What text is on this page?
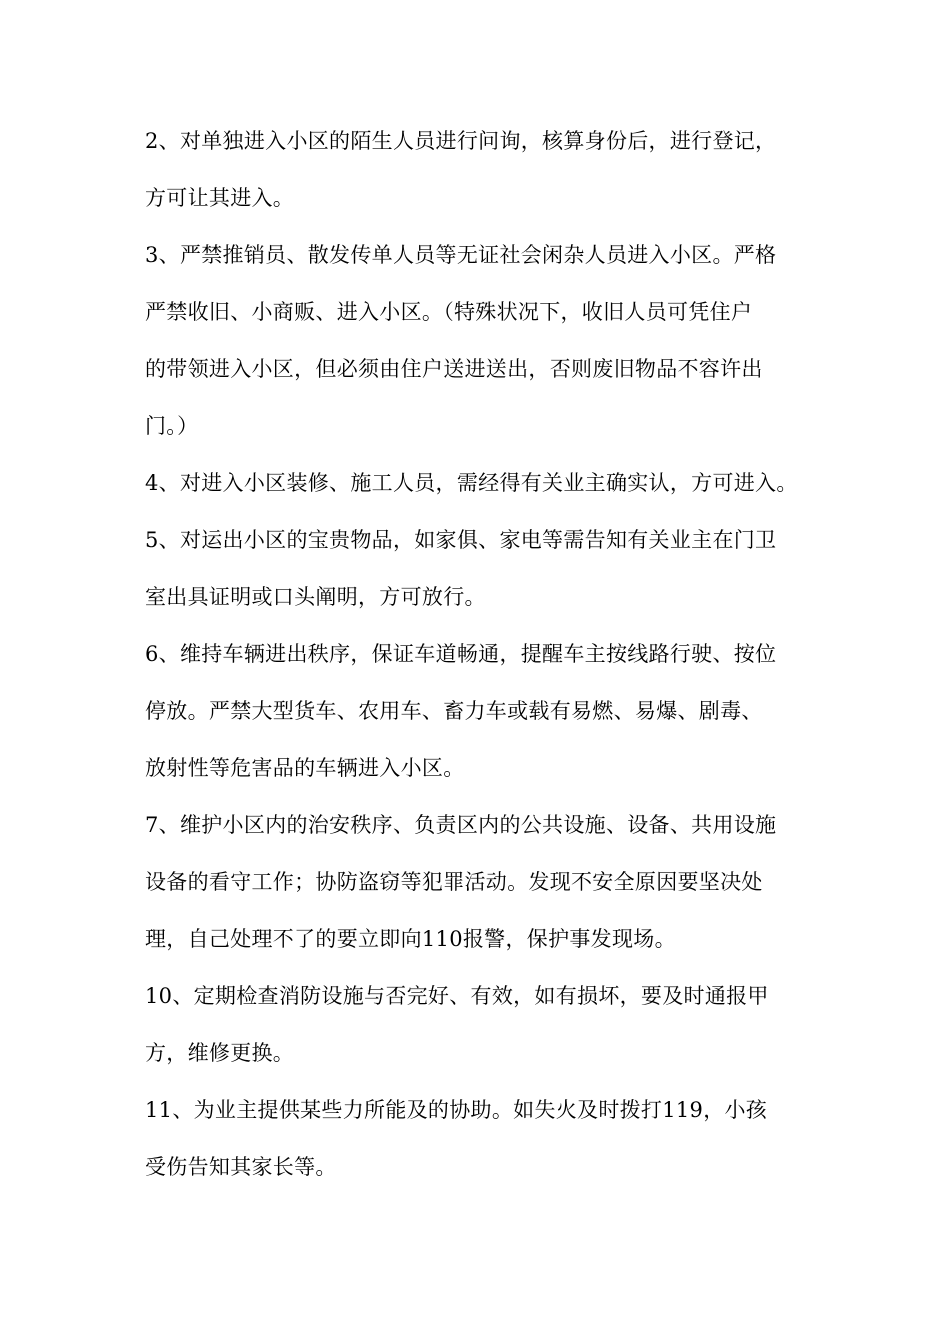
2、对单独进入小区的陌生人员进行问询，核算身份后，进行登记，
方可让其进入。
3、严禁推销员、散发传单人员等无证社会闲杂人员进入小区。严格
严禁收旧、小商贩、进入小区。（特殊状况下，收旧人员可凭住户
的带领进入小区，但必须由住户送进送出，否则废旧物品不容许出
门。）
4、对进入小区装修、施工人员，需经得有关业主确实认，方可进入。
5、对运出小区的宝贵物品，如家俱、家电等需告知有关业主在门卫
室出具证明或口头阐明，方可放行。
6、维持车辆进出秩序，保证车道畅通，提醒车主按线路行驶、按位
停放。严禁大型货车、农用车、畜力车或载有易燃、易爆、剧毒、
放射性等危害品的车辆进入小区。
7、维护小区内的治安秩序、负责区内的公共设施、设备、共用设施
设备的看守工作；协防盗窃等犯罪活动。发现不安全原因要坚决处
理，自己处理不了的要立即向110报警，保护事发现场。
10、定期检查消防设施与否完好、有效，如有损坏，要及时通报甲
方，维修更换。
11、为业主提供某些力所能及的协助。如失火及时拨打119，小孩
受伤告知其家长等。
